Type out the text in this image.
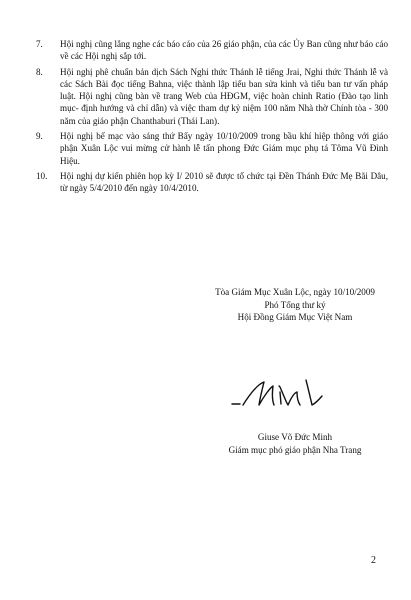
7. Hội nghị cũng lắng nghe các báo cáo của 26 giáo phận, của các Ủy Ban cũng như báo cáo về các Hội nghị sắp tới.
8. Hội nghị phê chuẩn bản dịch Sách Nghi thức Thánh lễ tiếng Jrai, Nghi thức Thánh lễ và các Sách Bài đọc tiếng Bahna, việc thành lập tiểu ban sửa kinh và tiểu ban tư vấn pháp luật. Hội nghị cũng bàn về trang Web của HĐGM, việc hoàn chỉnh Ratio (Đào tạo linh mục- định hướng và chỉ dẫn) và việc tham dự kỷ niệm 100 năm Nhà thờ Chính tòa - 300 năm của giáo phận Chanthaburi (Thái Lan).
9. Hội nghị bế mạc vào sáng thứ Bẩy ngày 10/10/2009 trong bầu khí hiệp thông với giáo phận Xuân Lộc vui mừng cử hành lễ tấn phong Đức Giám mục phụ tá Tôma Vũ Đình Hiệu.
10. Hội nghị dự kiến phiên họp kỳ I/ 2010 sẽ được tổ chức tại Đền Thánh Đức Mẹ Bãi Dâu, từ ngày 5/4/2010 đến ngày 10/4/2010.
Tòa Giám Mục Xuân Lộc, ngày 10/10/2009
Phó Tổng thư ký
Hội Đồng Giám Mục Việt Nam
Giuse Võ Đức Minh
Giám mục phó giáo phận Nha Trang
2
